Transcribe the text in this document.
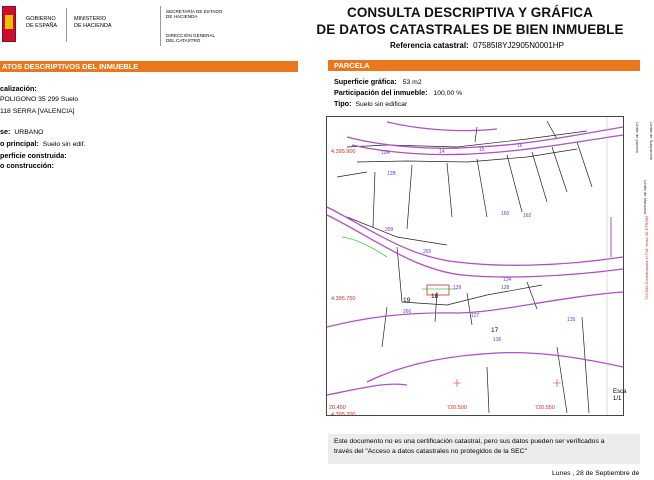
GOBIERNO
DE ESPAÑA
MINISTERIO
DE HACIENDA
SECRETARÍA DE ESTADO
DE HACIENDA
DIRECCIÓN GENERAL
DEL CATASTRO
CONSULTA DESCRIPTIVA Y GRÁFICA
DE DATOS CATASTRALES DE BIEN INMUEBLE
Referencia catastral: 07585I8YJ2905N0001HP
ATOS DESCRIPTIVOS DEL INMUEBLE
calización:
POLIGONO 35 299 Suelo
118 SERRA [VALENCIA]
se: URBANO
o principal: Suelo sin edif.
perficie construida:
o construcción:
PARCELA
Superficie gráfica: 53 m2
Participación del inmueble: 100,00 %
Tipo: Suelo sin edificar
4.395.900
4.395.750
4.395.700
20.450	720.500	720.550
12A
12B
14	15
16
17
18
19
265
266
127
128
134
135
136
139
160	162
299
Esca
1/1
Límite de parcela
Límite de Manzana
Límite de Subparcela
720.500 Coordenadas U.T.M. Huso 30 ETRS89
Este documento no es una certificación catastral, pero sus datos pueden ser verificados a
través del "Acceso a datos catastrales no protegidos de la SEC"
Lunes , 28 de Septiembre de
